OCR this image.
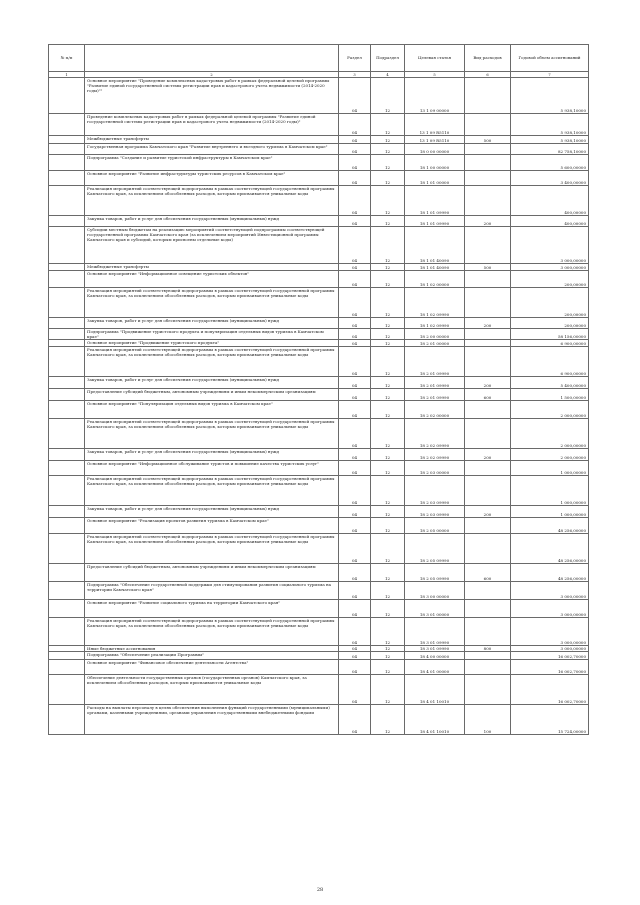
№ п/п		Раздел	Подраздел	Целевая статья	Вид расходов	Годовой объем ассигнований
1	2	3	4	5	6	7
	Основное мероприятие "Проведение комплексных кадастровых работ в рамках федеральной целевой программы "Развитие единой государственной системы регистрации прав и кадастрового учета недвижимости (2014-2020 годы)""	04	12	13 1 09 00000		5 938,10000
	Проведение комплексных кадастровых работ в рамках федеральной целевой программы "Развитие единой государственной системы регистрации прав и кадастрового учета недвижимости (2014-2020 годы)"	04	12	13 1 09 R5110		5 938,10000
	Межбюджетные трансферты	04	12	13 1 09 R5110	500	5 938,10000
	Государственная программа Камчатского края "Развитие внутреннего и въездного туризма в Камчатском крае"	04	12	18 0 00 00000		82 758,10000
	Подпрограмма "Создание и развитие туристской инфраструктуры в Камчатском крае"	04	12	18 1 00 00000		5 600,00000
	Основное мероприятие "Развитие инфраструктуры туристских ресурсов в Камчатском крае"	04	12	18 1 01 00000		3 400,00000
	Реализация мероприятий соответствующей подпрограммы в рамках соответствующей государственной программы Камчатского края, за исключением обособленных расходов, которым присваиваются уникальные коды	04	12	18 1 01 09990		400,00000
	Закупка товаров, работ и услуг для обеспечения государственных (муниципальных) нужд	04	12	18 1 01 09990	200	400,00000
	Субсидии местным бюджетам на реализацию мероприятий соответствующей подпрограммы соответствующей государственной программы Камчатского края (за исключением мероприятий Инвестиционной программы Камчатского края и субсидий, которым присвоены отдельные коды)	04	12	18 1 01 40090		3 000,00000
	Межбюджетные трансферты	04	12	18 1 01 40090	500	3 000,00000
	Основное мероприятие "Информационное освещение туристских объектов"	04	12	18 1 02 00000		200,00000
	Реализация мероприятий соответствующей подпрограммы в рамках соответствующей государственной программы Камчатского края, за исключением обособленных расходов, которым присваиваются уникальные коды	04	12	18 1 02 09990		200,00000
	Закупка товаров, работ и услуг для обеспечения государственных (муниципальных) нужд	04	12	18 1 02 09990	200	200,00000
	Подпрограмма "Продвижение туристского продукта и популяризация отдельных видов туризма в Камчатском крае"	04	12	18 2 00 00000		58 156,00000
	Основное мероприятие "Продвижение туристского продукта"	04	12	18 2 01 00000		6 900,00000
	Реализация мероприятий соответствующей подпрограммы в рамках соответствующей государственной программы Камчатского края, за исключением обособленных расходов, которым присваиваются уникальные коды	04	12	18 2 01 09990		6 900,00000
	Закупка товаров, работ и услуг для обеспечения государственных (муниципальных) нужд	04	12	18 2 01 09990	200	5 400,00000
	Предоставление субсидий бюджетным, автономным учреждениям и иным некоммерческим организациям	04	12	18 2 01 09990	600	1 500,00000
	Основное мероприятие "Популяризация отдельных видов туризма в Камчатском крае"	04	12	18 2 02 00000		2 000,00000
	Реализация мероприятий соответствующей подпрограммы в рамках соответствующей государственной программы Камчатского края, за исключением обособленных расходов, которым присваиваются уникальные коды	04	12	18 2 02 09990		2 000,00000
	Закупка товаров, работ и услуг для обеспечения государственных (муниципальных) нужд	04	12	18 2 02 09990	200	2 000,00000
	Основное мероприятие "Информационное обслуживание туристов и повышение качества туристских услуг"	04	12	18 2 03 00000		1 000,00000
	Реализация мероприятий соответствующей подпрограммы в рамках соответствующей государственной программы Камчатского края, за исключением обособленных расходов, которым присваиваются уникальные коды	04	12	18 2 03 09990		1 000,00000
	Закупка товаров, работ и услуг для обеспечения государственных (муниципальных) нужд	04	12	18 2 03 09990	200	1 000,00000
	Основное мероприятие "Реализация проектов развития туризма в Камчатском крае"	04	12	18 2 05 00000		48 256,00000
	Реализация мероприятий соответствующей подпрограммы в рамках соответствующей государственной программы Камчатского края, за исключением обособленных расходов, которым присваиваются уникальные коды	04	12	18 2 05 09990		48 256,00000
	Предоставление субсидий бюджетным, автономным учреждениям и иным некоммерческим организациям	04	12	18 2 05 09990	600	48 256,00000
	Подпрограмма "Обеспечение государственной поддержки для стимулирования развития социального туризма на территории Камчатского края"	04	12	18 3 00 00000		3 000,00000
	Основное мероприятие "Развитие социального туризма на территории Камчатского края"	04	12	18 3 01 00000		3 000,00000
	Реализация мероприятий соответствующей подпрограммы в рамках соответствующей государственной программы Камчатского края, за исключением обособленных расходов, которым присваиваются уникальные коды	04	12	18 3 01 09990		3 000,00000
	Иные бюджетные ассигнования	04	12	18 3 01 09990	800	3 000,00000
	Подпрограмма "Обеспечение реализации Программы"	04	12	18 4 00 00000		16 002,70000
	Основное мероприятие "Финансовое обеспечение деятельности Агентства"	04	12	18 4 01 00000		16 002,70000
	Обеспечение деятельности государственных органов (государственных органов) Камчатского края, за исключением обособленных расходов, которым присваиваются уникальные коды	04	12	18 4 01 10010		16 002,70000
	Расходы на выплаты персоналу в целях обеспечения выполнения функций государственными (муниципальными) органами, казенными учреждениями, органами управления государственными внебюджетными фондами	04	12	18 4 01 10010	100	15 724,00000
28
